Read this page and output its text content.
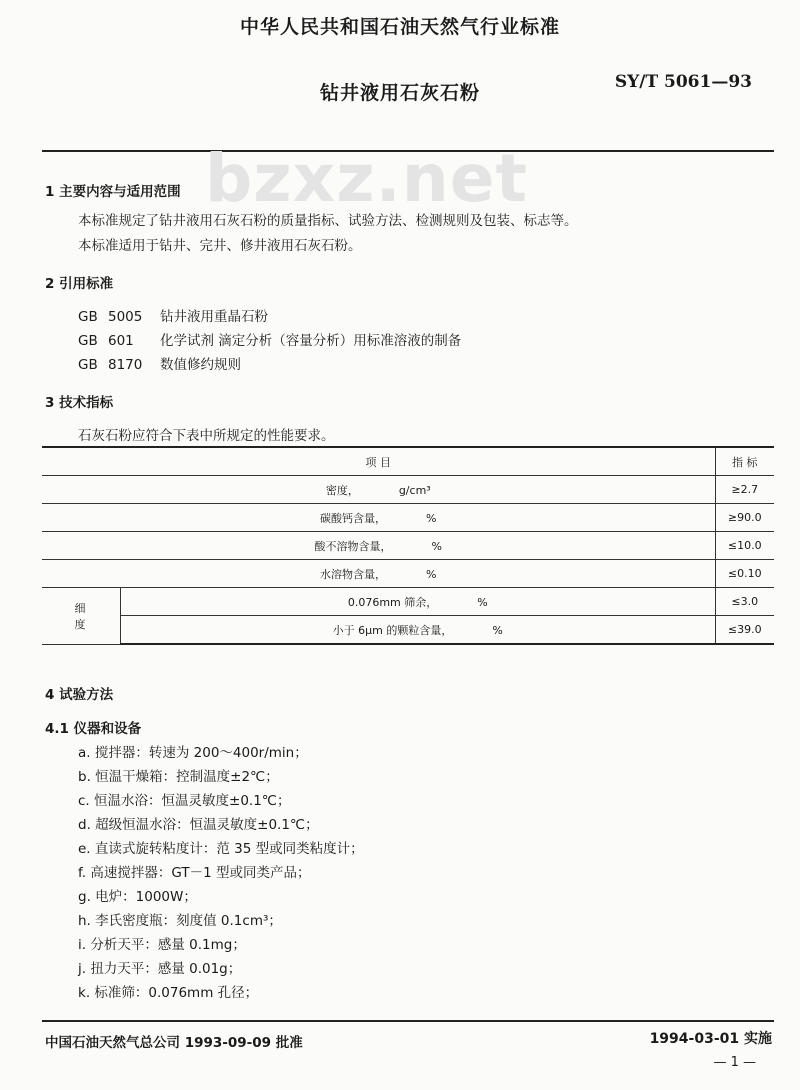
中华人民共和国石油天然气行业标准
钻井液用石灰石粉	SY/T 5061—93
bzxz.net
1 主要内容与适用范围
本标准规定了钻井液用石灰石粉的质量指标、试验方法、检测规则及包装、标志等。
本标准适用于钻井、完井、修井液用石灰石粉。
2 引用标准
GB 5005 钻井液用重晶石粉
GB 601 化学试剂 滴定分析（容量分析）用标准溶液的制备
GB 8170 数值修约规则
3 技术指标
石灰石粉应符合下表中所规定的性能要求。
项 目		指 标
密度， g/cm³		≥2.7
碳酸钙含量， %		≥90.0
酸不溶物含量， %		≤10.0
水溶物含量， %		≤0.10
细度	0.076mm 筛余， %	≤3.0
	小于 6μm 的颗粒含量， %	≤39.0
4 试验方法
4.1 仪器和设备
a. 搅拌器：转速为 200～400r/min；
b. 恒温干燥箱：控制温度±2℃；
c. 恒温水浴：恒温灵敏度±0.1℃；
d. 超级恒温水浴：恒温灵敏度±0.1℃；
e. 直读式旋转粘度计：范 35 型或同类粘度计；
f. 高速搅拌器：GT－1 型或同类产品；
g. 电炉：1000W；
h. 李氏密度瓶：刻度值 0.1cm³；
i. 分析天平：感量 0.1mg；
j. 扭力天平：感量 0.01g；
k. 标准筛：0.076mm 孔径；
中国石油天然气总公司 1993-09-09 批准	1994-03-01 实施
— 1 —
